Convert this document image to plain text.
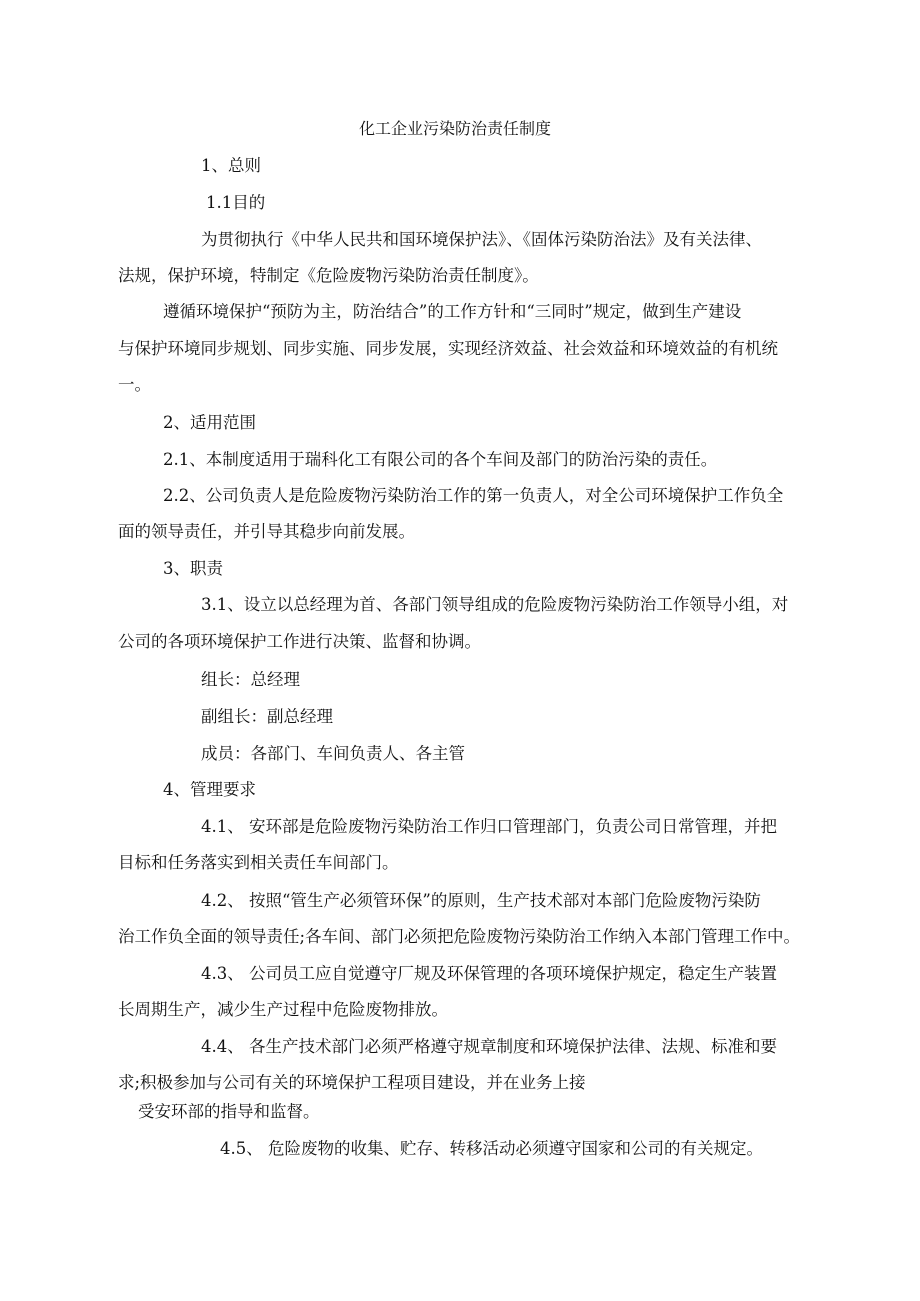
化工企业污染防治责任制度
1、总则
1.1目的
为贯彻执行《中华人民共和国环境保护法》、《固体污染防治法》及有关法律、
法规，保护环境，特制定《危险废物污染防治责任制度》。
遵循环境保护“预防为主，防治结合”的工作方针和“三同时”规定，做到生产建设
与保护环境同步规划、同步实施、同步发展，实现经济效益、社会效益和环境效益的有机统
一。
2、适用范围
2.1、本制度适用于瑞科化工有限公司的各个车间及部门的防治污染的责任。
2.2、公司负责人是危险废物污染防治工作的第一负责人，对全公司环境保护工作负全
面的领导责任，并引导其稳步向前发展。
3、职责
3.1、设立以总经理为首、各部门领导组成的危险废物污染防治工作领导小组，对
公司的各项环境保护工作进行决策、监督和协调。
组长：总经理
副组长：副总经理
成员：各部门、车间负责人、各主管
4、管理要求
4.1、 安环部是危险废物污染防治工作归口管理部门，负责公司日常管理，并把
目标和任务落实到相关责任车间部门。
4.2、 按照“管生产必须管环保”的原则，生产技术部对本部门危险废物污染防
治工作负全面的领导责任;各车间、部门必须把危险废物污染防治工作纳入本部门管理工作中。
4.3、 公司员工应自觉遵守厂规及环保管理的各项环境保护规定，稳定生产装置
长周期生产，减少生产过程中危险废物排放。
4.4、 各生产技术部门必须严格遵守规章制度和环境保护法律、法规、标准和要
求;积极参加与公司有关的环境保护工程项目建设，并在业务上接
受安环部的指导和监督。
4.5、 危险废物的收集、贮存、转移活动必须遵守国家和公司的有关规定。
